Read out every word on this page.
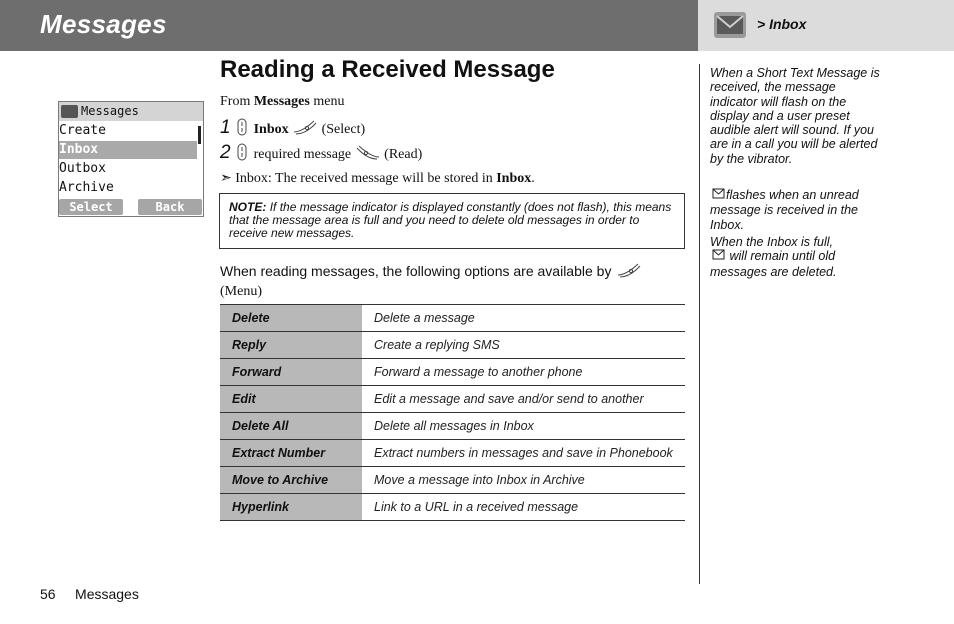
Messages	> Inbox
Messages
Create
Inbox
Outbox
Archive
Select	Back
Reading a Received Message
From Messages menu
1 Inbox (Select)
2 required message (Read)
➣ Inbox: The received message will be stored in Inbox.
NOTE: If the message indicator is displayed constantly (does not flash), this means that the message area is full and you need to delete old messages in order to receive new messages.
When reading messages, the following options are available by
(Menu)
Delete	Delete a message
Reply	Create a replying SMS
Forward	Forward a message to another phone
Edit	Edit a message and save and/or send to another
Delete All	Delete all messages in Inbox
Extract Number	Extract numbers in messages and save in Phonebook
Move to Archive	Move a message into Inbox in Archive
Hyperlink	Link to a URL in a received message
When a Short Text Message is received, the message indicator will flash on the display and a user preset audible alert will sound. If you are in a call you will be alerted by the vibrator.
flashes when an unread message is received in the Inbox.
When the Inbox is full,
will remain until old messages are deleted.
56 Messages
